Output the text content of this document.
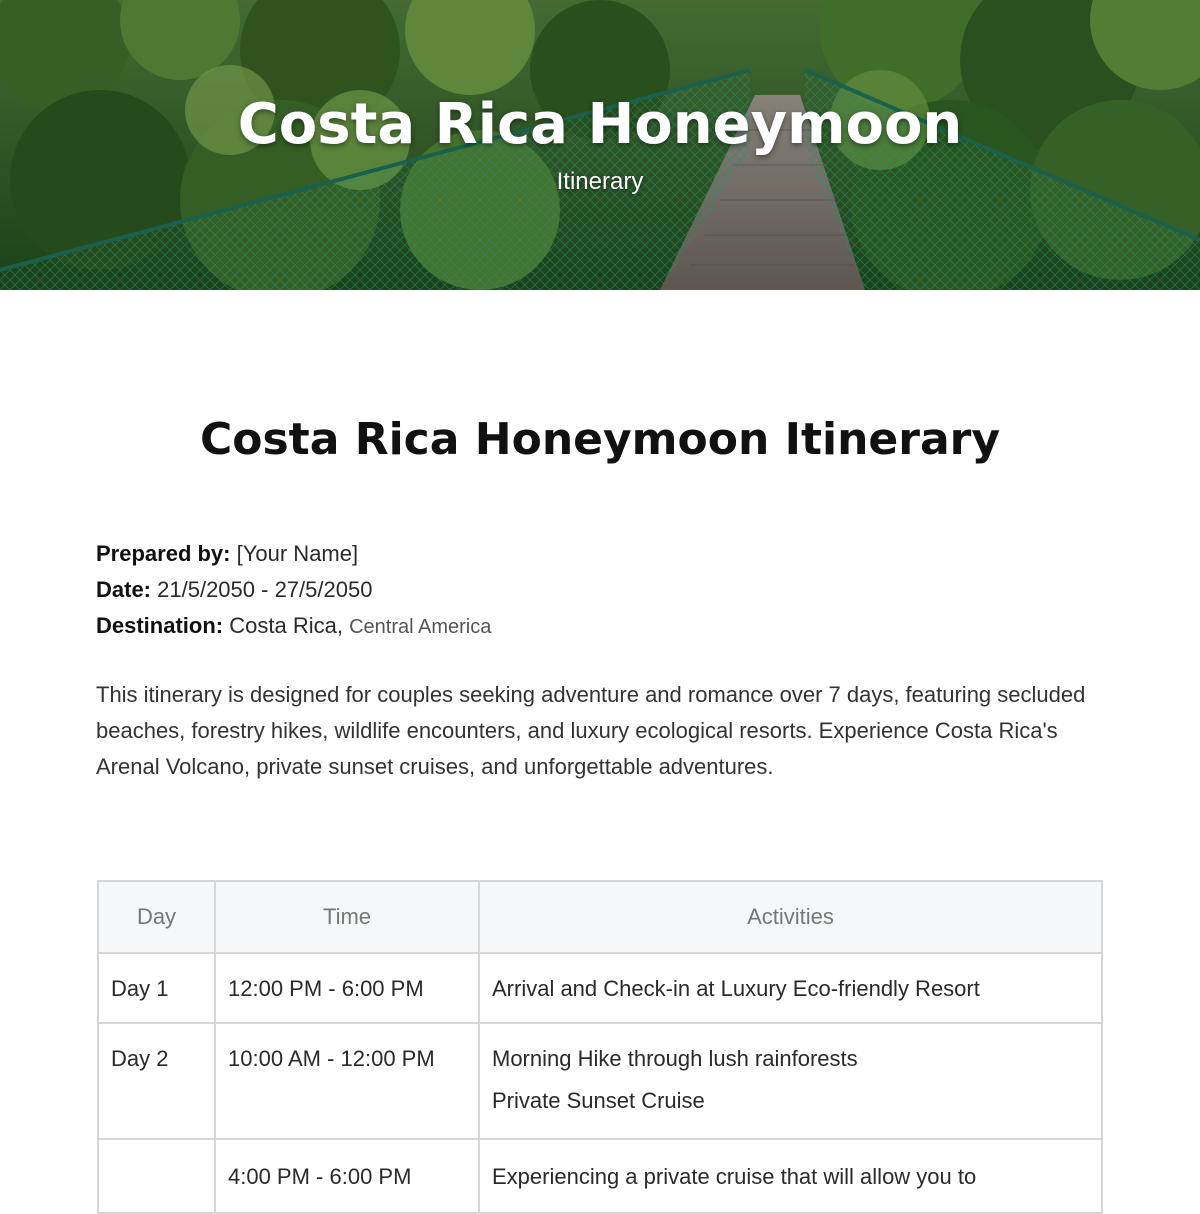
Costa Rica Honeymoon
Itinerary
Costa Rica Honeymoon Itinerary
Prepared by: [Your Name]
Date: 21/5/2050 - 27/5/2050
Destination: Costa Rica, Central America
This itinerary is designed for couples seeking adventure and romance over 7 days, featuring secluded beaches, forestry hikes, wildlife encounters, and luxury ecological resorts. Experience Costa Rica's Arenal Volcano, private sunset cruises, and unforgettable adventures.
Day	Time	Activities
Day 1	12:00 PM - 6:00 PM	Arrival and Check-in at Luxury Eco-friendly Resort

Day 2	10:00 AM - 12:00 PM	Morning Hike through lush rainforests
Private Sunset Cruise

	4:00 PM - 6:00 PM	Experiencing a private cruise that will allow you to
